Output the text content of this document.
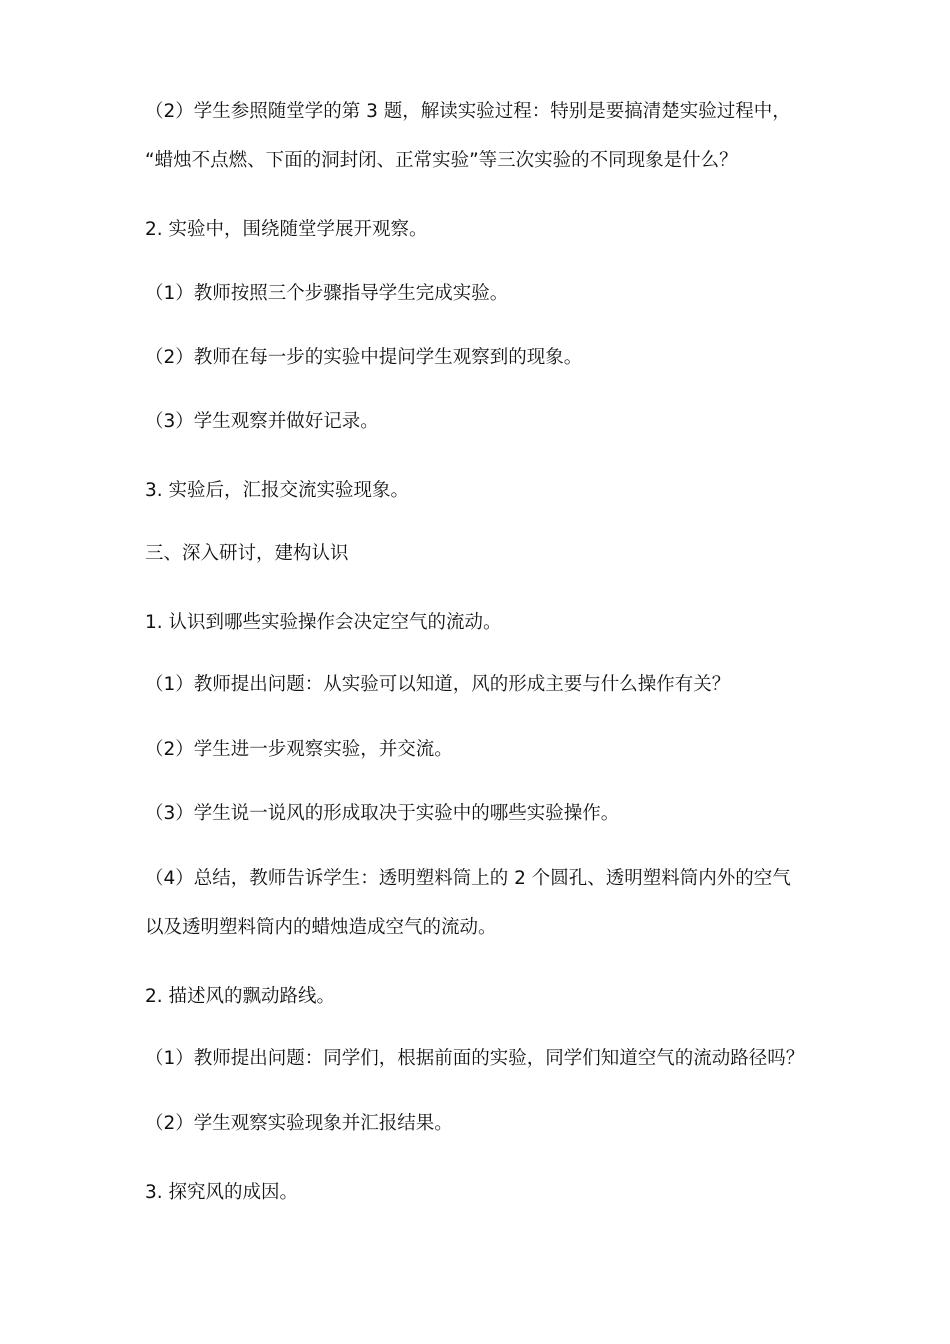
（2）学生参照随堂学的第 3 题，解读实验过程：特别是要搞清楚实验过程中，
“蜡烛不点燃、下面的洞封闭、正常实验”等三次实验的不同现象是什么？
2. 实验中，围绕随堂学展开观察。
（1）教师按照三个步骤指导学生完成实验。
（2）教师在每一步的实验中提问学生观察到的现象。
（3）学生观察并做好记录。
3. 实验后，汇报交流实验现象。
三、深入研讨，建构认识
1. 认识到哪些实验操作会决定空气的流动。
（1）教师提出问题：从实验可以知道，风的形成主要与什么操作有关？
（2）学生进一步观察实验，并交流。
（3）学生说一说风的形成取决于实验中的哪些实验操作。
（4）总结，教师告诉学生：透明塑料筒上的 2 个圆孔、透明塑料筒内外的空气
以及透明塑料筒内的蜡烛造成空气的流动。
2. 描述风的飘动路线。
（1）教师提出问题：同学们，根据前面的实验，同学们知道空气的流动路径吗？
（2）学生观察实验现象并汇报结果。
3. 探究风的成因。
